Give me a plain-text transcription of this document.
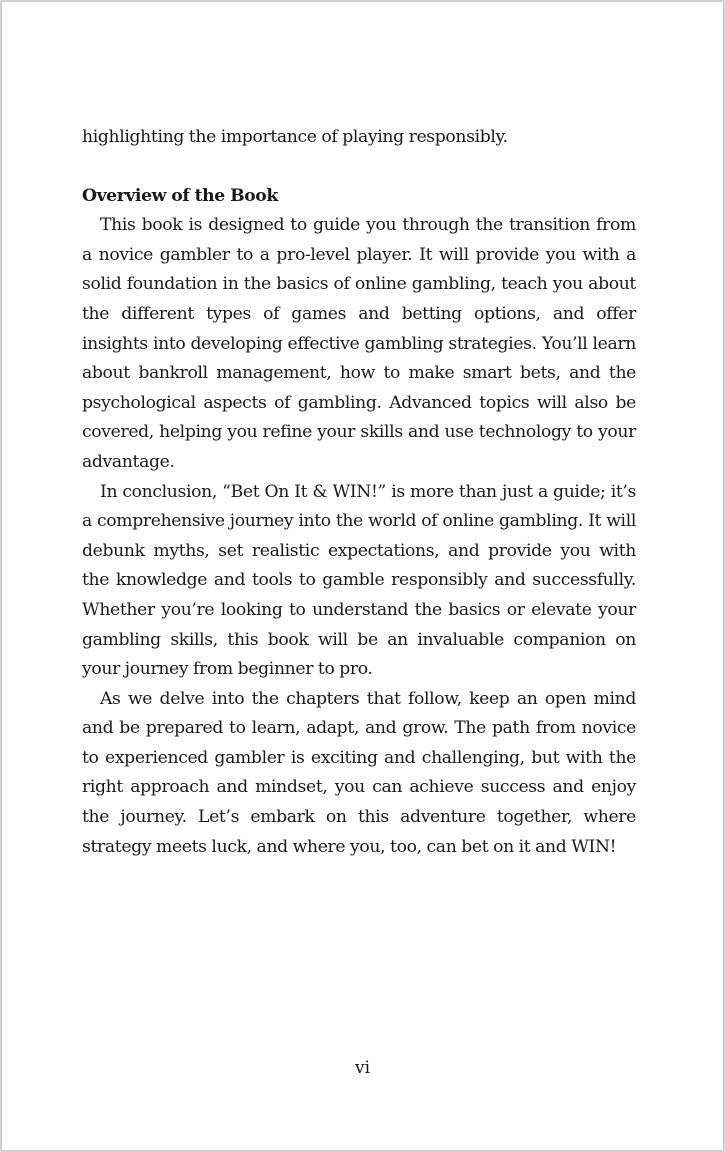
highlighting the importance of playing responsibly.

Overview of the Book

This book is designed to guide you through the transition from a novice gambler to a pro-level player. It will provide you with a solid foundation in the basics of online gambling, teach you about the different types of games and betting options, and offer insights into developing effective gambling strategies. You’ll learn about bankroll management, how to make smart bets, and the psychological aspects of gambling. Advanced topics will also be covered, helping you refine your skills and use technology to your advantage.

In conclusion, “Bet On It & WIN!” is more than just a guide; it’s a comprehensive journey into the world of online gambling. It will debunk myths, set realistic expectations, and provide you with the knowledge and tools to gamble responsibly and successfully. Whether you’re looking to understand the basics or elevate your gambling skills, this book will be an invaluable companion on your journey from beginner to pro.

As we delve into the chapters that follow, keep an open mind and be prepared to learn, adapt, and grow. The path from novice to experienced gambler is exciting and challenging, but with the right approach and mindset, you can achieve success and enjoy the journey. Let’s embark on this adventure together, where strategy meets luck, and where you, too, can bet on it and WIN!

vi
